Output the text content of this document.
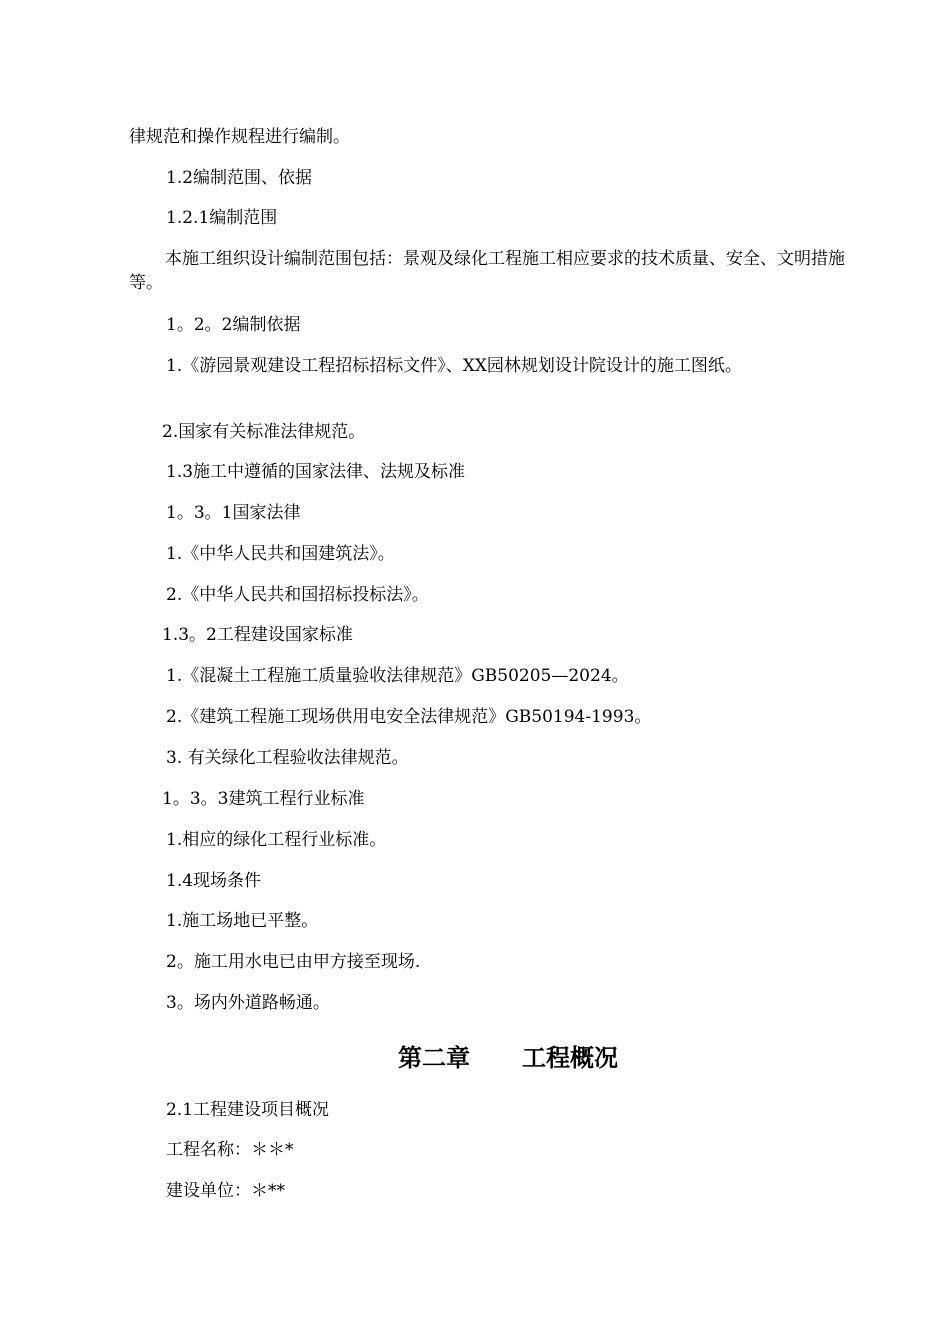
律规范和操作规程进行编制。
1.2编制范围、依据
1.2.1编制范围
本施工组织设计编制范围包括：景观及绿化工程施工相应要求的技术质量、安全、文明措施等。
1。2。2编制依据
1.《游园景观建设工程招标招标文件》、XX园林规划设计院设计的施工图纸。
2.国家有关标准法律规范。
1.3施工中遵循的国家法律、法规及标准
1。3。1国家法律
1.《中华人民共和国建筑法》。
2.《中华人民共和国招标投标法》。
1.3。2工程建设国家标准
1.《混凝土工程施工质量验收法律规范》GB50205—2024。
2.《建筑工程施工现场供用电安全法律规范》GB50194-1993。
3. 有关绿化工程验收法律规范。
1。3。3建筑工程行业标准
1.相应的绿化工程行业标准。
1.4现场条件
1.施工场地已平整。
2。施工用水电已由甲方接至现场.
3。场内外道路畅通。
第二章 工程概况
2.1工程建设项目概况
工程名称：＊＊*
建设单位：＊**
